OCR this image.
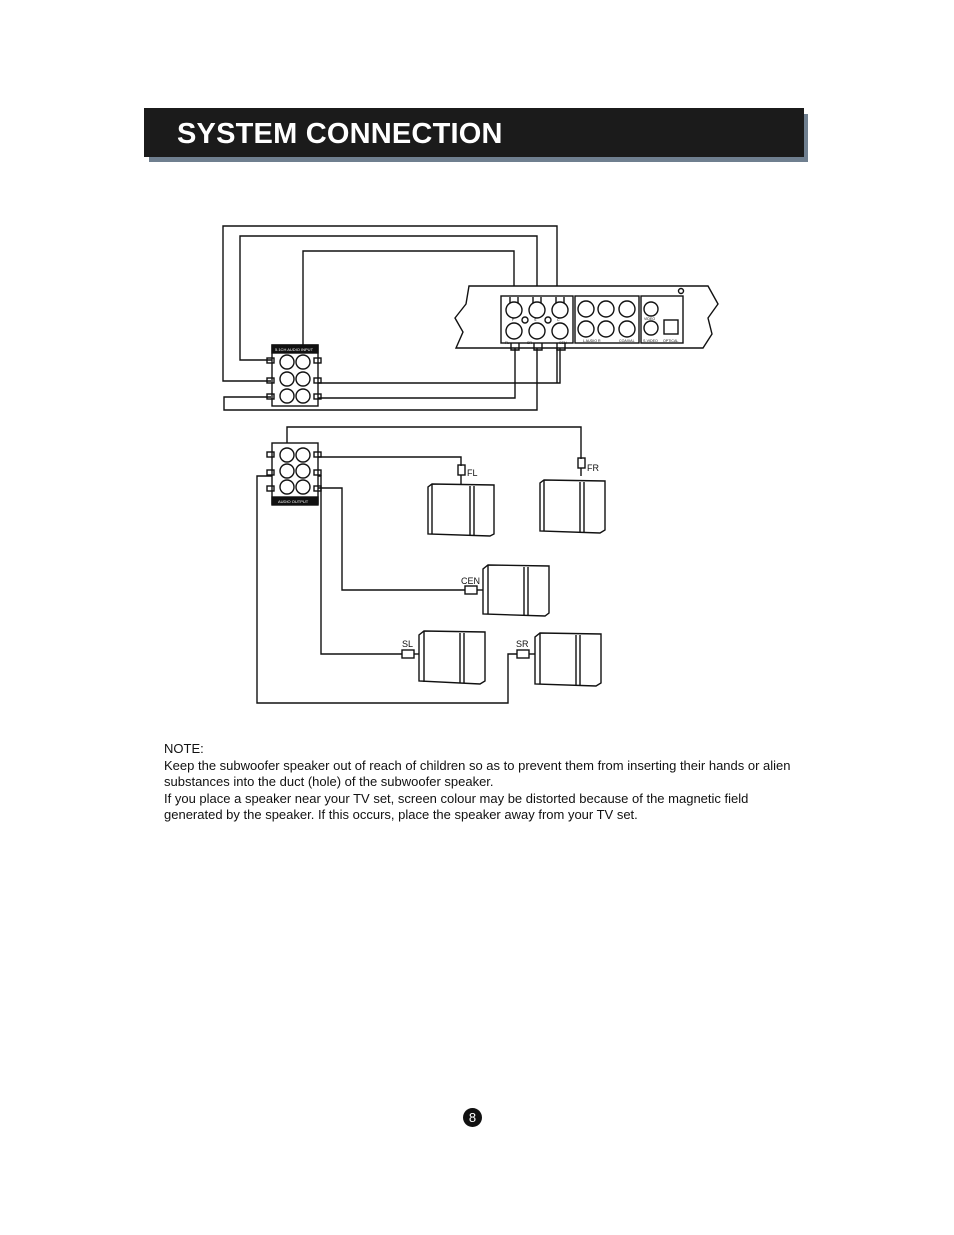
SYSTEM CONNECTION
F	S	C
FL	SR	CEN	L AUDIO R	COAXIAL S-VIDEO
VIDEO
OPTICAL
5.1CH AUDIO INPUT
AUDIO OUTPUT
FL	FR
CEN
SL	SR

NOTE:

Keep the subwoofer speaker out of reach of children so as to prevent them from inserting their hands or alien substances into the duct (hole) of the subwoofer speaker.

If you place a speaker near your TV set, screen colour may be distorted because of the magnetic field generated by the speaker. If this occurs, place the speaker away from your TV set.

8
